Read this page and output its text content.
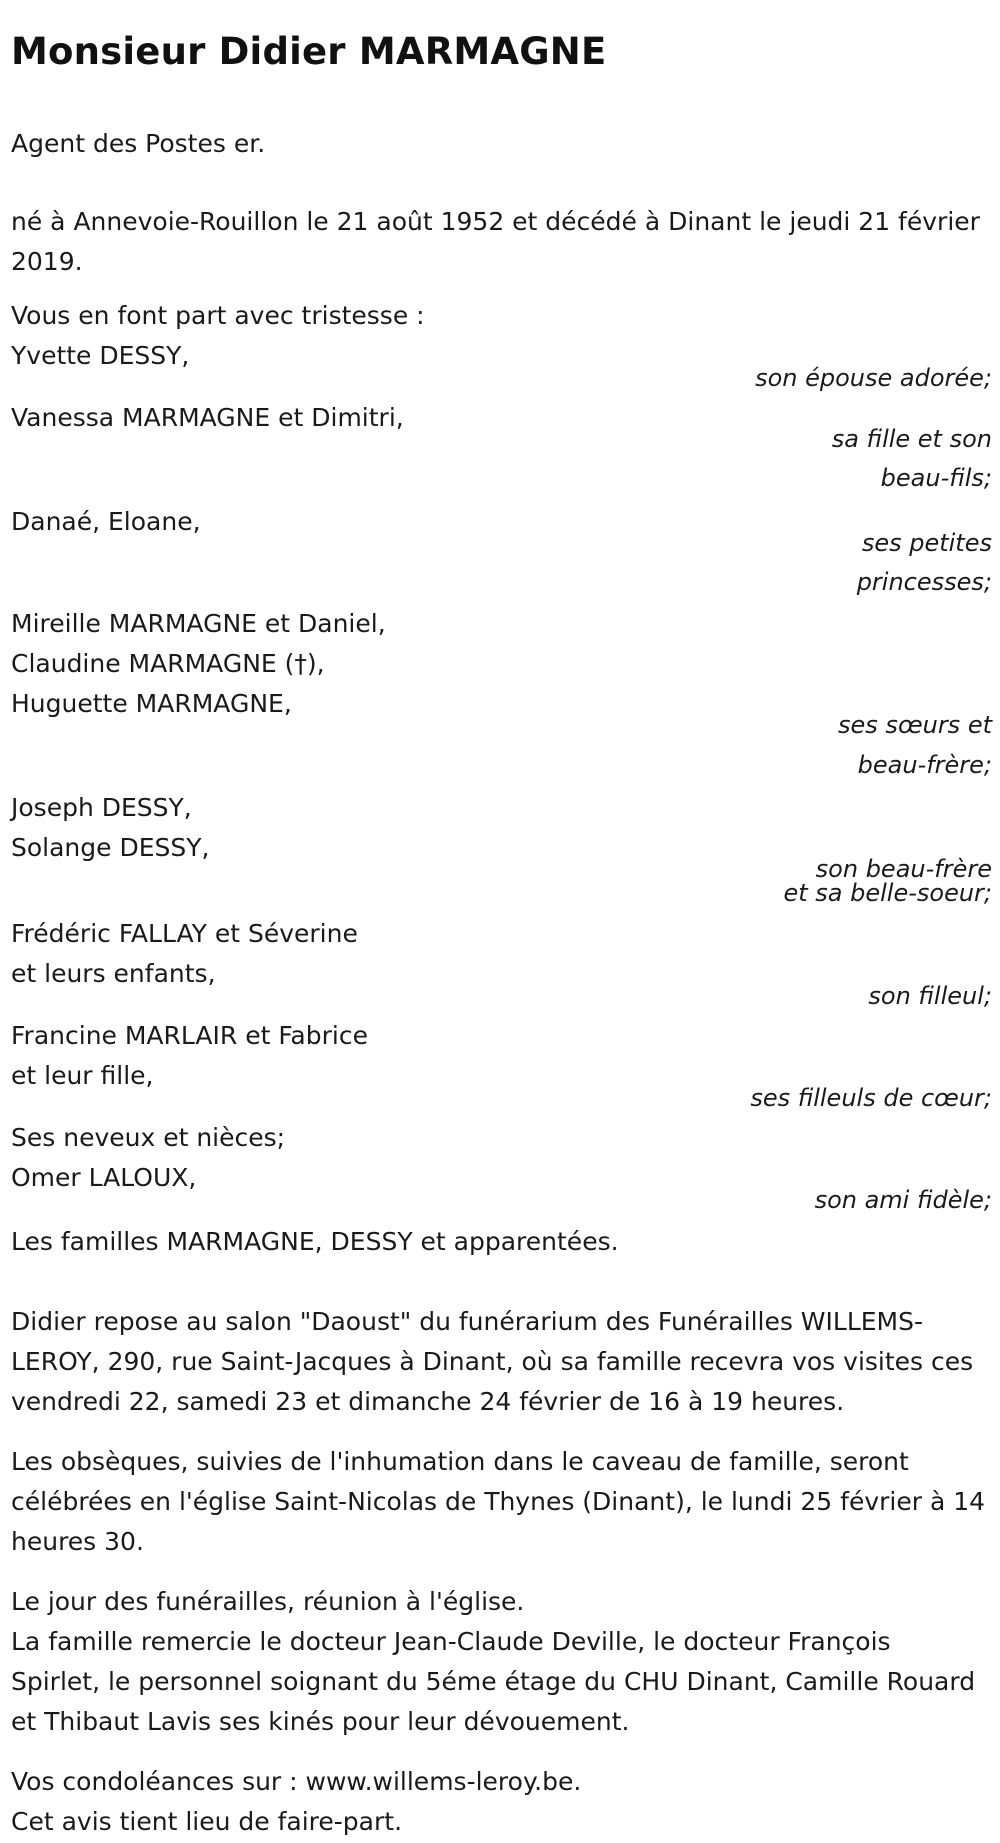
Monsieur Didier MARMAGNE

Agent des Postes er.

né à Annevoie-Rouillon le 21 août 1952 et décédé à Dinant le jeudi 21 février 2019.

Vous en font part avec tristesse :

Yvette DESSY,

son épouse adorée;

Vanessa MARMAGNE et Dimitri,

sa fille et son

beau-fils;

Danaé, Eloane,

ses petites

princesses;

Mireille MARMAGNE et Daniel,

Claudine MARMAGNE (†),

Huguette MARMAGNE,

ses sœurs et

beau-frère;

Joseph DESSY,

Solange DESSY,

son beau-frère

et sa belle-soeur;

Frédéric FALLAY et Séverine

et leurs enfants,

son filleul;

Francine MARLAIR et Fabrice

et leur fille,

ses filleuls de cœur;

Ses neveux et nièces;

Omer LALOUX,

son ami fidèle;

Les familles MARMAGNE, DESSY et apparentées.

Didier repose au salon "Daoust" du funérarium des Funérailles WILLEMS-LEROY, 290, rue Saint-Jacques à Dinant, où sa famille recevra vos visites ces vendredi 22, samedi 23 et dimanche 24 février de 16 à 19 heures.

Les obsèques, suivies de l'inhumation dans le caveau de famille, seront célébrées en l'église Saint-Nicolas de Thynes (Dinant), le lundi 25 février à 14 heures 30.

Le jour des funérailles, réunion à l'église.

La famille remercie le docteur Jean-Claude Deville, le docteur François Spirlet, le personnel soignant du 5éme étage du CHU Dinant, Camille Rouard et Thibaut Lavis ses kinés pour leur dévouement.

Vos condoléances sur : www.willems-leroy.be.

Cet avis tient lieu de faire-part.
